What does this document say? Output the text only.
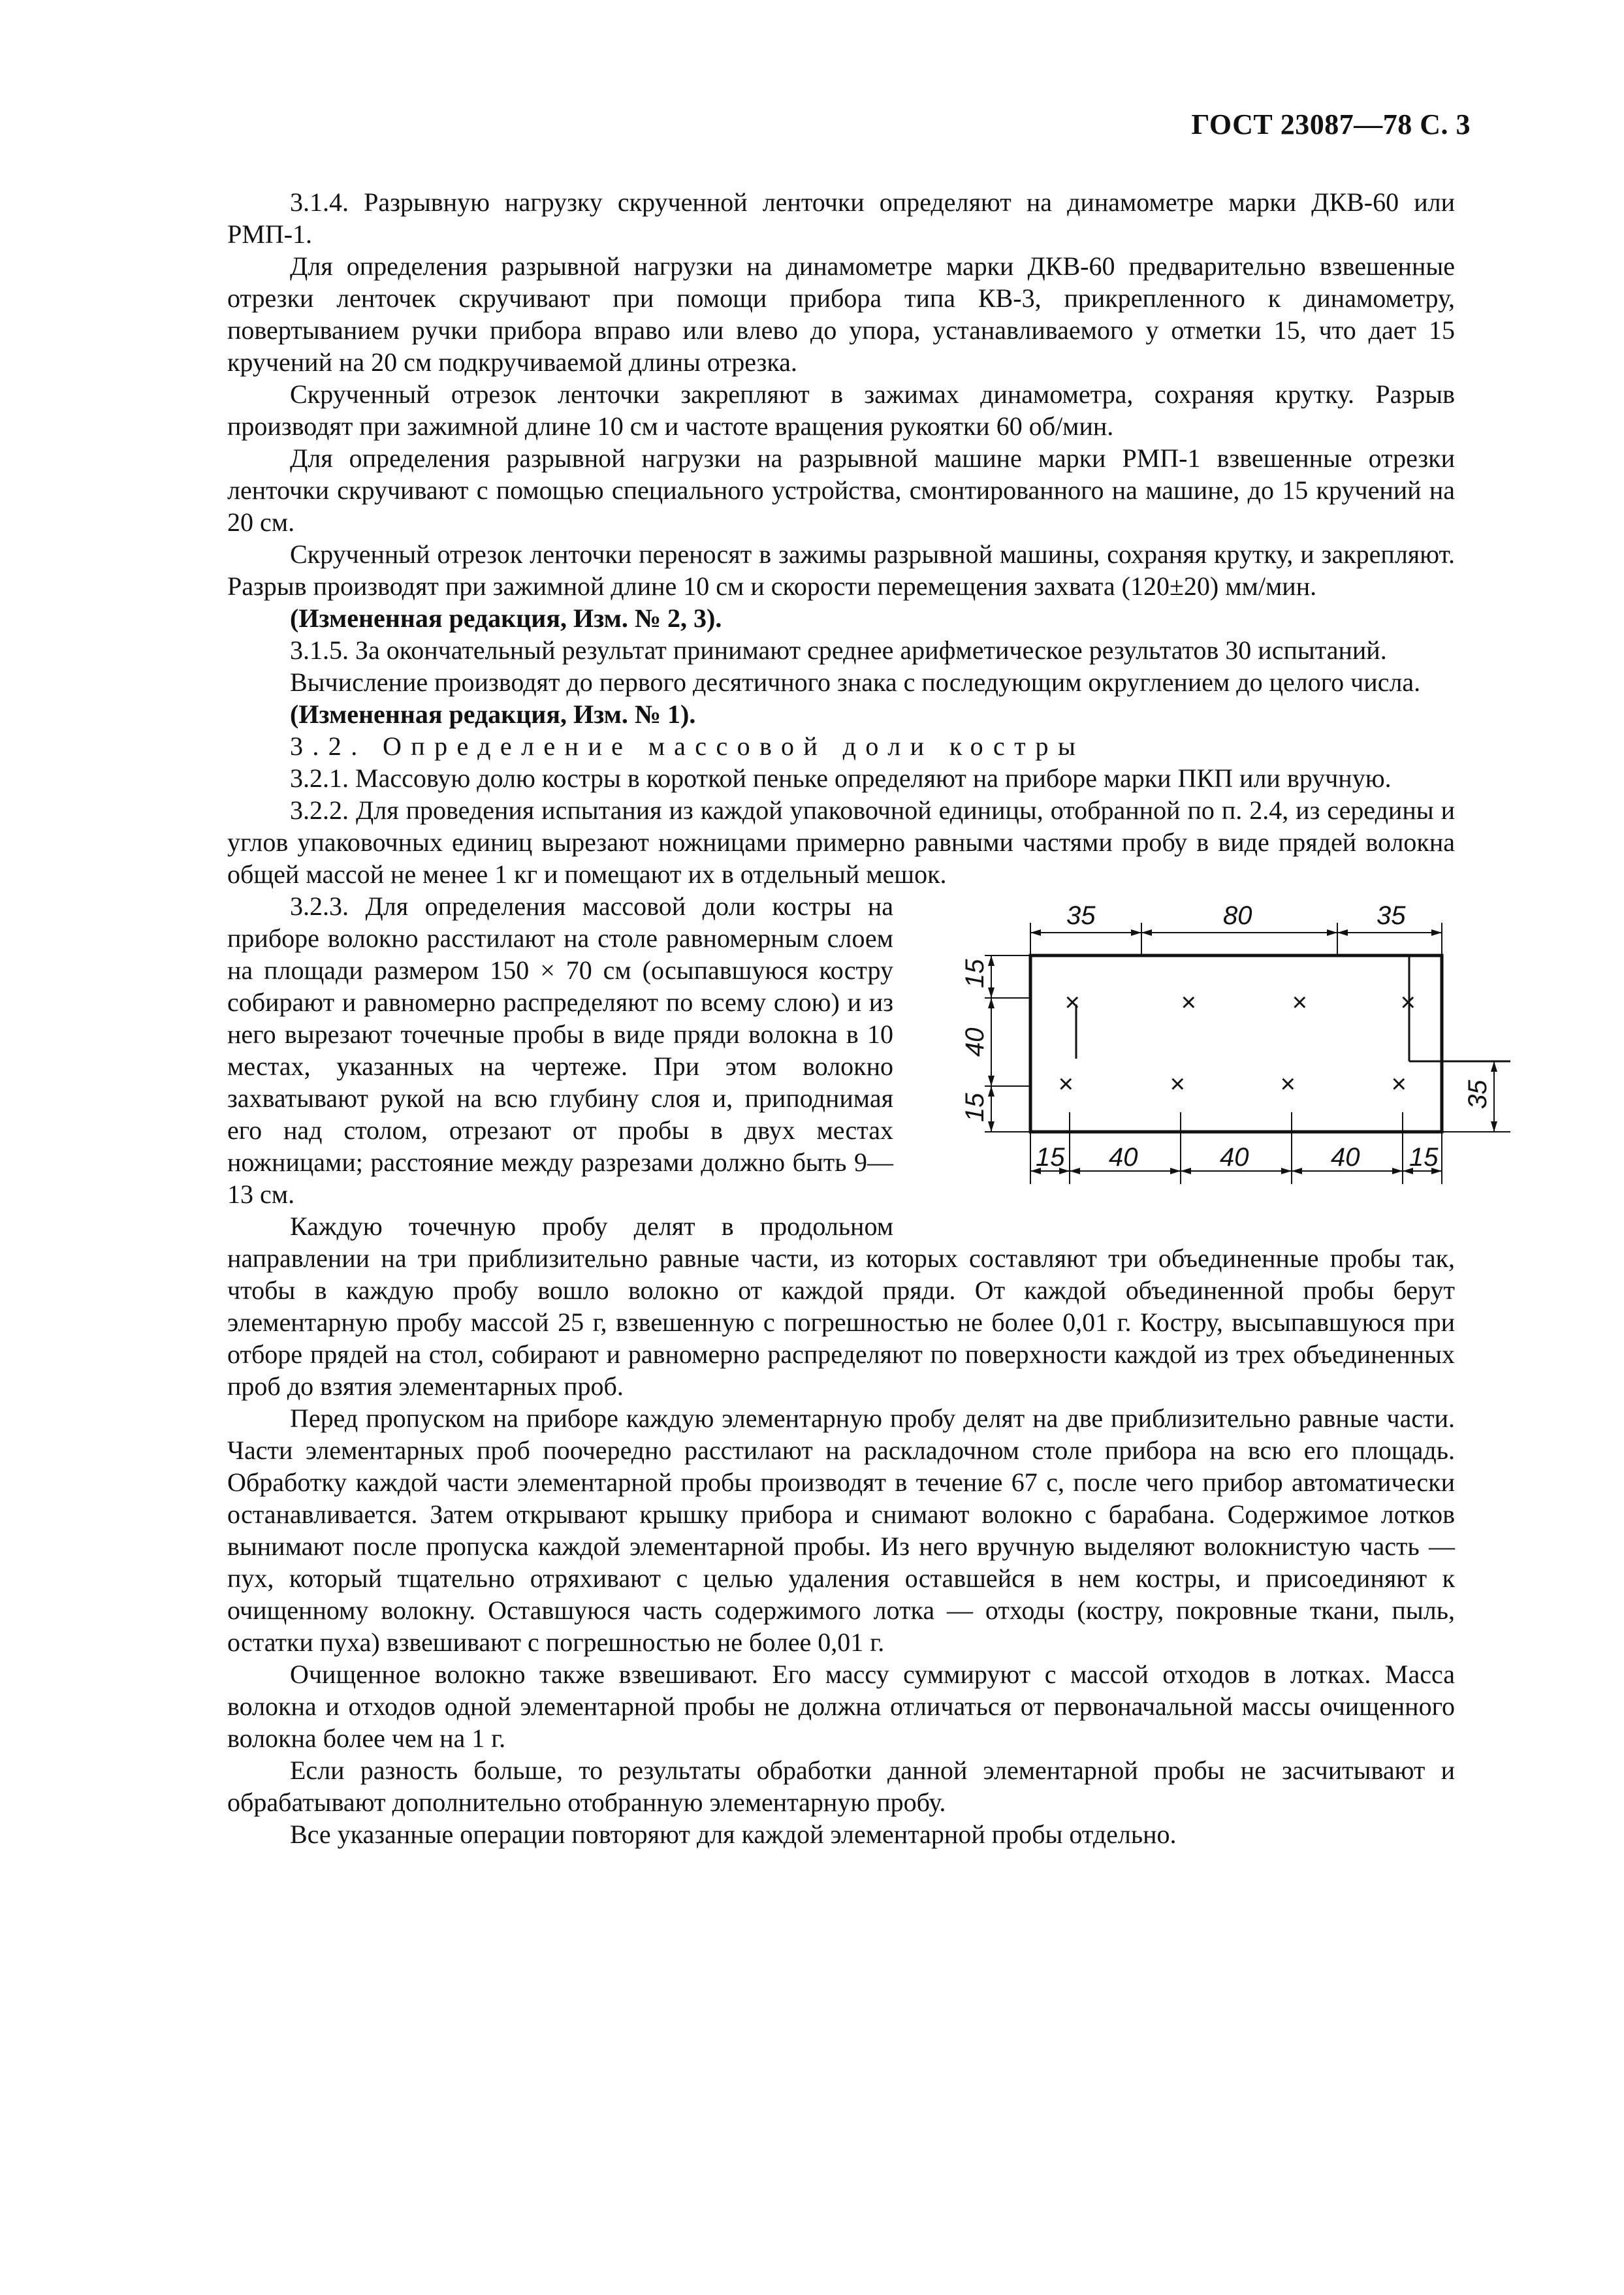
ГОСТ 23087—78 С. 3

3.1.4. Разрывную нагрузку скрученной ленточки определяют на динамометре марки ДКВ-60 или РМП-1.

Для определения разрывной нагрузки на динамометре марки ДКВ-60 предварительно взвешенные отрезки ленточек скручивают при помощи прибора типа КВ-3, прикрепленного к динамометру, повертыванием ручки прибора вправо или влево до упора, устанавливаемого у отметки 15, что дает 15 кручений на 20 см подкручиваемой длины отрезка.

Скрученный отрезок ленточки закрепляют в зажимах динамометра, сохраняя крутку. Разрыв производят при зажимной длине 10 см и частоте вращения рукоятки 60 об/мин.

Для определения разрывной нагрузки на разрывной машине марки РМП-1 взвешенные отрезки ленточки скручивают с помощью специального устройства, смонтированного на машине, до 15 кручений на 20 см.

Скрученный отрезок ленточки переносят в зажимы разрывной машины, сохраняя крутку, и закрепляют. Разрыв производят при зажимной длине 10 см и скорости перемещения захвата (120±20) мм/мин.

(Измененная редакция, Изм. № 2, 3).

3.1.5. За окончательный результат принимают среднее арифметическое результатов 30 испытаний.

Вычисление производят до первого десятичного знака с последующим округлением до целого числа.

(Измененная редакция, Изм. № 1).

3.2. Определение массовой доли костры

3.2.1. Массовую долю костры в короткой пеньке определяют на приборе марки ПКП или вручную.

3.2.2. Для проведения испытания из каждой упаковочной единицы, отобранной по п. 2.4, из середины и углов упаковочных единиц вырезают ножницами примерно равными частями пробу в виде прядей волокна общей массой не менее 1 кг и помещают их в отдельный мешок.

×	×	×	×
×	×	×	×
35	80	35
15 40	40	40 15
15
40
15	35

3.2.3. Для определения массовой доли костры на приборе волокно расстилают на столе равномерным слоем на площади размером 150 × 70 см (осыпавшуюся костру собирают и равномерно распределяют по всему слою) и из него вырезают точечные пробы в виде пряди волокна в 10 местах, указанных на чертеже. При этом волокно захватывают рукой на всю глубину слоя и, приподнимая его над столом, отрезают от пробы в двух местах ножницами; расстояние между разрезами должно быть 9—13 см.

Каждую точечную пробу делят в продольном направлении на три приблизительно равные части, из которых составляют три объединенные пробы так, чтобы в каждую пробу вошло волокно от каждой пряди. От каждой объединенной пробы берут элементарную пробу массой 25 г, взвешенную с погрешностью не более 0,01 г. Костру, высыпавшуюся при отборе прядей на стол, собирают и равномерно распределяют по поверхности каждой из трех объединенных проб до взятия элементарных проб.

Перед пропуском на приборе каждую элементарную пробу делят на две приблизительно равные части. Части элементарных проб поочередно расстилают на раскладочном столе прибора на всю его площадь. Обработку каждой части элементарной пробы производят в течение 67 с, после чего прибор автоматически останавливается. Затем открывают крышку прибора и снимают волокно с барабана. Содержимое лотков вынимают после пропуска каждой элементарной пробы. Из него вручную выделяют волокнистую часть — пух, который тщательно отряхивают с целью удаления оставшейся в нем костры, и присоединяют к очищенному волокну. Оставшуюся часть содержимого лотка — отходы (костру, покровные ткани, пыль, остатки пуха) взвешивают с погрешностью не более 0,01 г.

Очищенное волокно также взвешивают. Его массу суммируют с массой отходов в лотках. Масса волокна и отходов одной элементарной пробы не должна отличаться от первоначальной массы очищенного волокна более чем на 1 г.

Если разность больше, то результаты обработки данной элементарной пробы не засчитывают и обрабатывают дополнительно отобранную элементарную пробу.

Все указанные операции повторяют для каждой элементарной пробы отдельно.
